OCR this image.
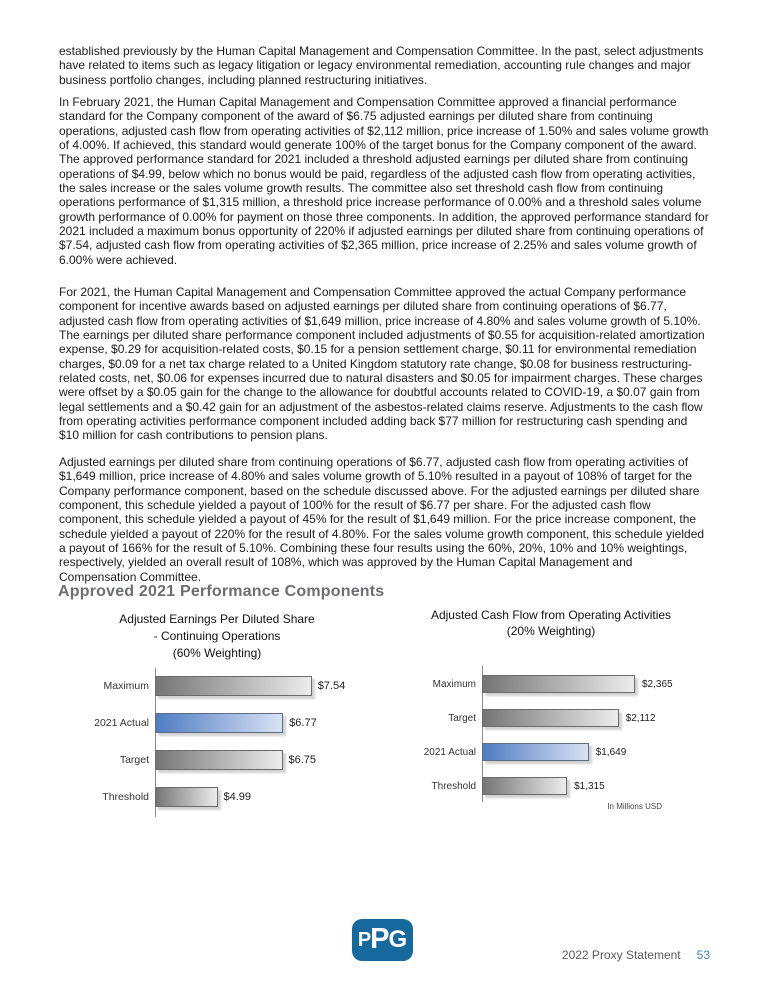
established previously by the Human Capital Management and Compensation Committee. In the past, select adjustments have related to items such as legacy litigation or legacy environmental remediation, accounting rule changes and major business portfolio changes, including planned restructuring initiatives.

In February 2021, the Human Capital Management and Compensation Committee approved a financial performance standard for the Company component of the award of $6.75 adjusted earnings per diluted share from continuing operations, adjusted cash flow from operating activities of $2,112 million, price increase of 1.50% and sales volume growth of 4.00%. If achieved, this standard would generate 100% of the target bonus for the Company component of the award. The approved performance standard for 2021 included a threshold adjusted earnings per diluted share from continuing operations of $4.99, below which no bonus would be paid, regardless of the adjusted cash flow from operating activities, the sales increase or the sales volume growth results. The committee also set threshold cash flow from continuing operations performance of $1,315 million, a threshold price increase performance of 0.00% and a threshold sales volume growth performance of 0.00% for payment on those three components. In addition, the approved performance standard for 2021 included a maximum bonus opportunity of 220% if adjusted earnings per diluted share from continuing operations of $7.54, adjusted cash flow from operating activities of $2,365 million, price increase of 2.25% and sales volume growth of 6.00% were achieved.

For 2021, the Human Capital Management and Compensation Committee approved the actual Company performance component for incentive awards based on adjusted earnings per diluted share from continuing operations of $6.77, adjusted cash flow from operating activities of $1,649 million, price increase of 4.80% and sales volume growth of 5.10%. The earnings per diluted share performance component included adjustments of $0.55 for acquisition-related amortization expense, $0.29 for acquisition-related costs, $0.15 for a pension settlement charge, $0.11 for environmental remediation charges, $0.09 for a net tax charge related to a United Kingdom statutory rate change, $0.08 for business restructuring-related costs, net, $0.06 for expenses incurred due to natural disasters and $0.05 for impairment charges. These charges were offset by a $0.05 gain for the change to the allowance for doubtful accounts related to COVID-19, a $0.07 gain from legal settlements and a $0.42 gain for an adjustment of the asbestos-related claims reserve. Adjustments to the cash flow from operating activities performance component included adding back $77 million for restructuring cash spending and $10 million for cash contributions to pension plans.

Adjusted earnings per diluted share from continuing operations of $6.77, adjusted cash flow from operating activities of $1,649 million, price increase of 4.80% and sales volume growth of 5.10% resulted in a payout of 108% of target for the Company performance component, based on the schedule discussed above. For the adjusted earnings per diluted share component, this schedule yielded a payout of 100% for the result of $6.77 per share. For the adjusted cash flow component, this schedule yielded a payout of 45% for the result of $1,649 million. For the price increase component, the schedule yielded a payout of 220% for the result of 4.80%. For the sales volume growth component, this schedule yielded a payout of 166% for the result of 5.10%. Combining these four results using the 60%, 20%, 10% and 10% weightings, respectively, yielded an overall result of 108%, which was approved by the Human Capital Management and Compensation Committee.

Approved 2021 Performance Components
Adjusted Earnings Per Diluted Share
- Continuing Operations
(60% Weighting)
Maximum	$7.54
2021 Actual	$6.77
Target	$6.75
Threshold	$4.99
Adjusted Cash Flow from Operating Activities
(20% Weighting)
Maximum	$2,365
Target	$2,112
2021 Actual	$1,649
Threshold	$1,315
In Millions USD
P P G
2022 Proxy Statement 53
